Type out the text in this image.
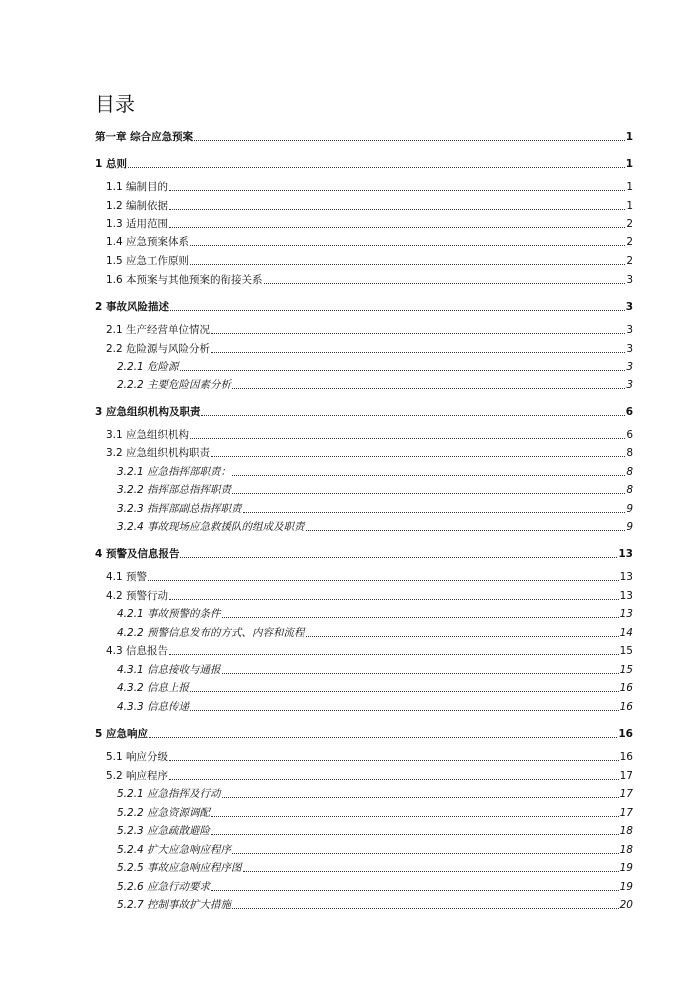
目录
第一章 综合应急预案	1
1 总则	1
1.1 编制目的	1
1.2 编制依据	1
1.3 适用范围	2
1.4 应急预案体系	2
1.5 应急工作原则	2
1.6 本预案与其他预案的衔接关系	3
2 事故风险描述	3
2.1 生产经营单位情况	3
2.2 危险源与风险分析	3
2.2.1 危险源	3
2.2.2 主要危险因素分析	3
3 应急组织机构及职责	6
3.1 应急组织机构	6
3.2 应急组织机构职责	8
3.2.1 应急指挥部职责：	8
3.2.2 指挥部总指挥职责	8
3.2.3 指挥部副总指挥职责	9
3.2.4 事故现场应急救援队的组成及职责	9
4 预警及信息报告	13
4.1 预警	13
4.2 预警行动	13
4.2.1 事故预警的条件	13
4.2.2 预警信息发布的方式、内容和流程	14
4.3 信息报告	15
4.3.1 信息接收与通报	15
4.3.2 信息上报	16
4.3.3 信息传递	16
5 应急响应	16
5.1 响应分级	16
5.2 响应程序	17
5.2.1 应急指挥及行动	17
5.2.2 应急资源调配	17
5.2.3 应急疏散避险	18
5.2.4 扩大应急响应程序	18
5.2.5 事故应急响应程序图	19
5.2.6 应急行动要求	19
5.2.7 控制事故扩大措施	20
